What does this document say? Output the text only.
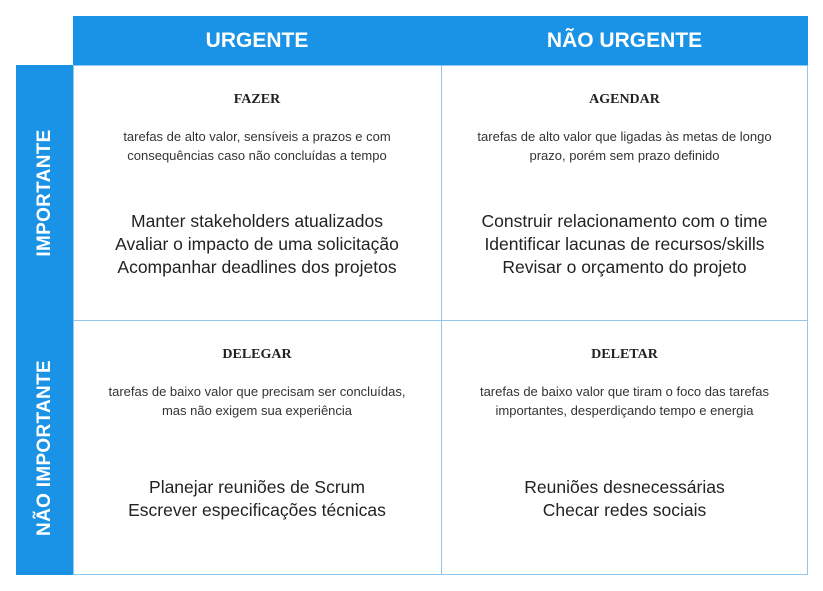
URGENTE	NÃO URGENTE
IMPORTANTE
NÃO IMPORTANTE
FAZER
tarefas de alto valor, sensíveis a prazos e com consequências caso não concluídas a tempo
Manter stakeholders atualizados
Avaliar o impacto de uma solicitação
Acompanhar deadlines dos projetos
AGENDAR
tarefas de alto valor que ligadas às metas de longo prazo, porém sem prazo definido
Construir relacionamento com o time
Identificar lacunas de recursos/skills
Revisar o orçamento do projeto
DELEGAR
tarefas de baixo valor que precisam ser concluídas, mas não exigem sua experiência
Planejar reuniões de Scrum
Escrever especificações técnicas
DELETAR
tarefas de baixo valor que tiram o foco das tarefas importantes, desperdiçando tempo e energia
Reuniões desnecessárias
Checar redes sociais
